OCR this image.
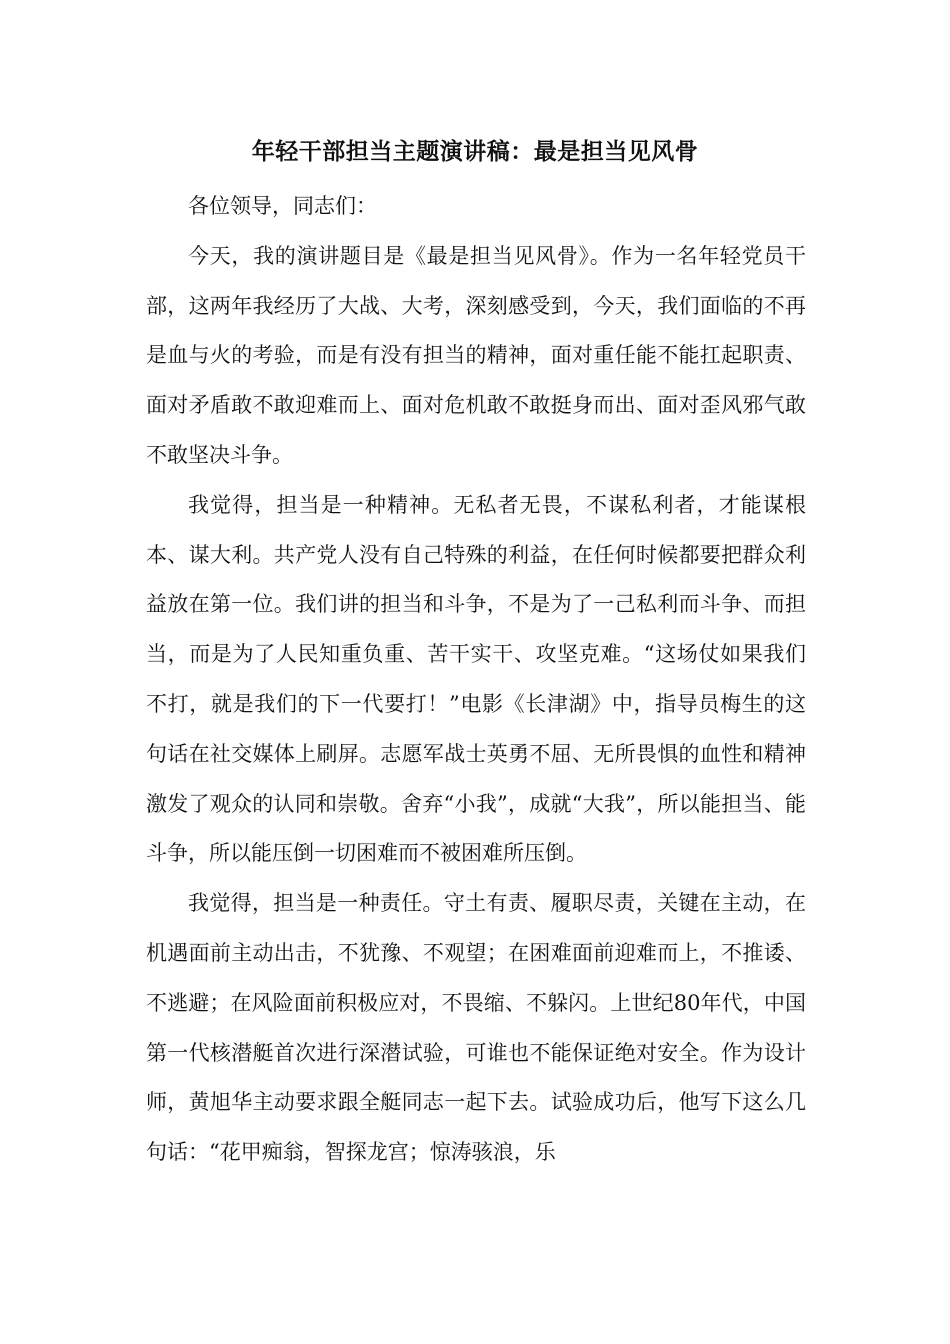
年轻干部担当主题演讲稿：最是担当见风骨

各位领导，同志们：

今天，我的演讲题目是《最是担当见风骨》。作为一名年轻党员干部，这两年我经历了大战、大考，深刻感受到，今天，我们面临的不再是血与火的考验，而是有没有担当的精神，面对重任能不能扛起职责、面对矛盾敢不敢迎难而上、面对危机敢不敢挺身而出、面对歪风邪气敢不敢坚决斗争。

我觉得，担当是一种精神。无私者无畏，不谋私利者，才能谋根本、谋大利。共产党人没有自己特殊的利益，在任何时候都要把群众利益放在第一位。我们讲的担当和斗争，不是为了一己私利而斗争、而担当，而是为了人民知重负重、苦干实干、攻坚克难。“这场仗如果我们不打，就是我们的下一代要打！”电影《长津湖》中，指导员梅生的这句话在社交媒体上刷屏。志愿军战士英勇不屈、无所畏惧的血性和精神激发了观众的认同和崇敬。舍弃“小我”，成就“大我”，所以能担当、能斗争，所以能压倒一切困难而不被困难所压倒。

我觉得，担当是一种责任。守土有责、履职尽责，关键在主动，在机遇面前主动出击，不犹豫、不观望；在困难面前迎难而上，不推诿、不逃避；在风险面前积极应对，不畏缩、不躲闪。上世纪80年代，中国第一代核潜艇首次进行深潜试验，可谁也不能保证绝对安全。作为设计师，黄旭华主动要求跟全艇同志一起下去。试验成功后，他写下这么几句话：“花甲痴翁，智探龙宫；惊涛骇浪，乐
